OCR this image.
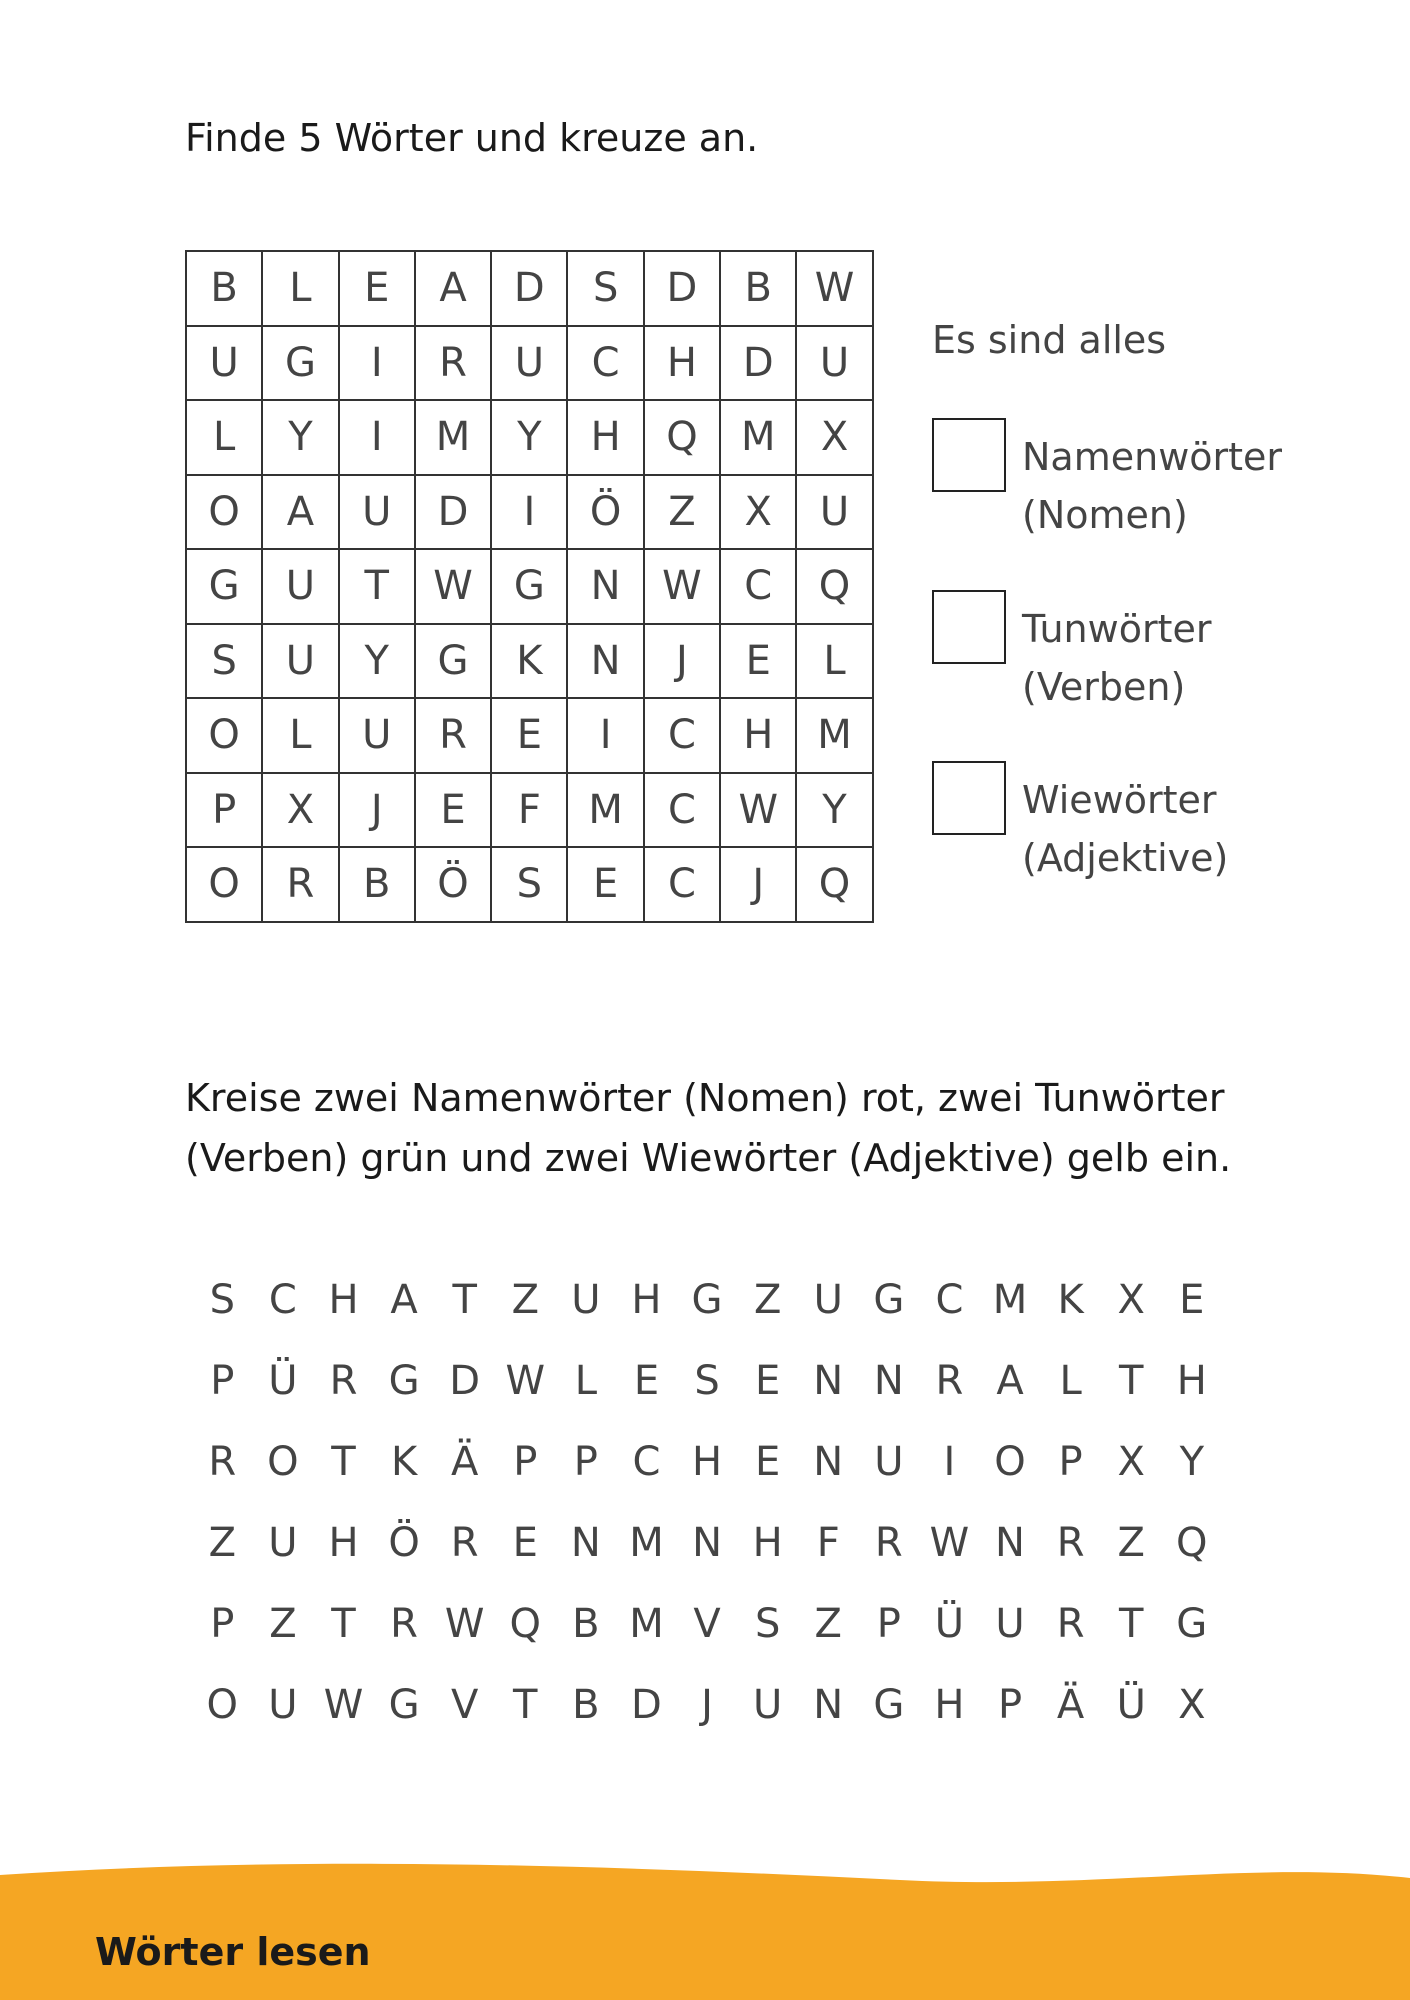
Finde 5 Wörter und kreuze an.
B	L	E	A	D	S	D	B	W
U	G	I	R	U	C	H	D	U
L	Y	I	M	Y	H	Q	M	X
O	A	U	D	I	Ö	Z	X	U
G	U	T	W	G	N	W	C	Q
S	U	Y	G	K	N	J	E	L
O	L	U	R	E	I	C	H	M
P	X	J	E	F	M	C	W	Y
O	R	B	Ö	S	E	C	J	Q
Es sind alles
Namenwörter
(Nomen)
Tunwörter
(Verben)
Wiewörter
(Adjektive)
Kreise zwei Namenwörter (Nomen) rot, zwei Tunwörter (Verben) grün und zwei Wiewörter (Adjektive) gelb ein.
S C H A T Z U H G Z U G C M K X E
P Ü R G D W L E S E N N R A L T H
R O T K Ä P P C H E N U	I O P X Y
Z U H Ö R E N M N H F R W N R Z Q
P Z T R W Q B M V S Z P Ü U R T G
O U W G V T B D J	U N G H P Ä Ü X
Wörter lesen
